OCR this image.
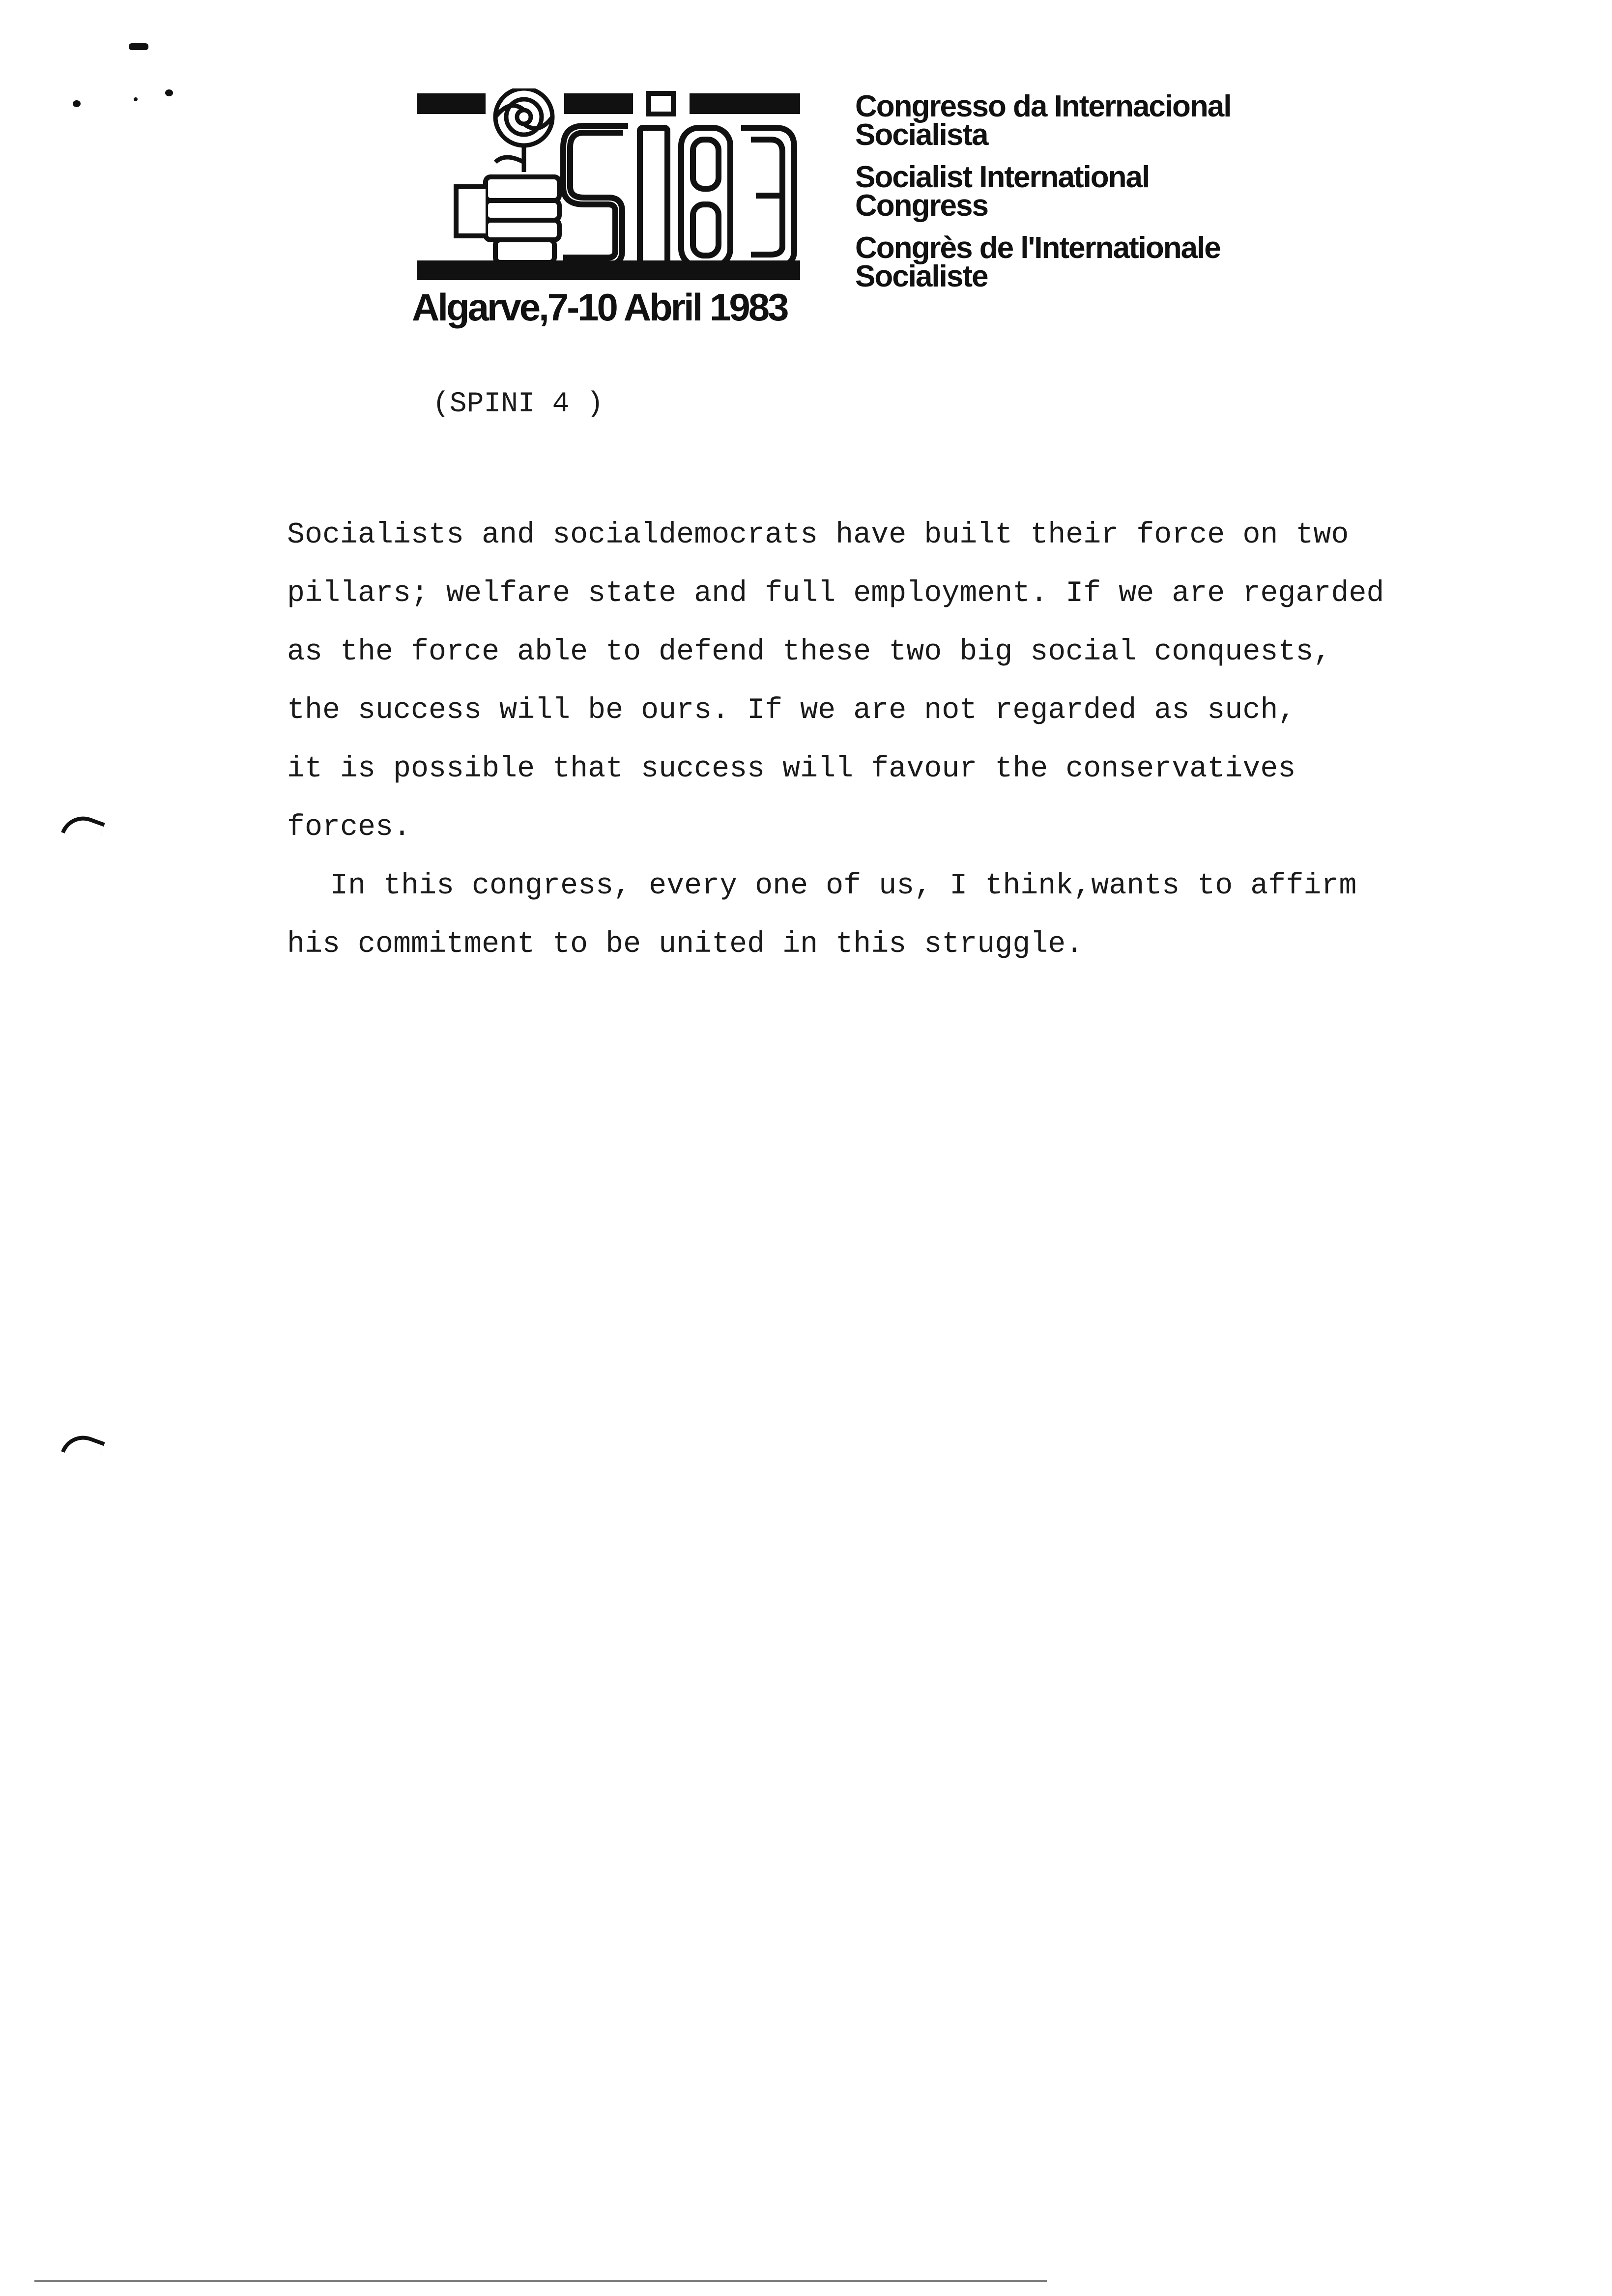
Algarve,7-10 Abril 1983
Congresso da Internacional
Socialista
Socialist International
Congress
Congrès de l'Internationale
Socialiste
(SPINI 4 )
Socialists and socialdemocrats have built their force on two
pillars; welfare state and full employment. If we are regarded
as the force able to defend these two big social conquests,
the success will be ours. If we are not regarded as such,
it is possible that success will favour the conservatives
forces.
In this congress, every one of us, I think,wants to affirm
his commitment to be united in this struggle.
